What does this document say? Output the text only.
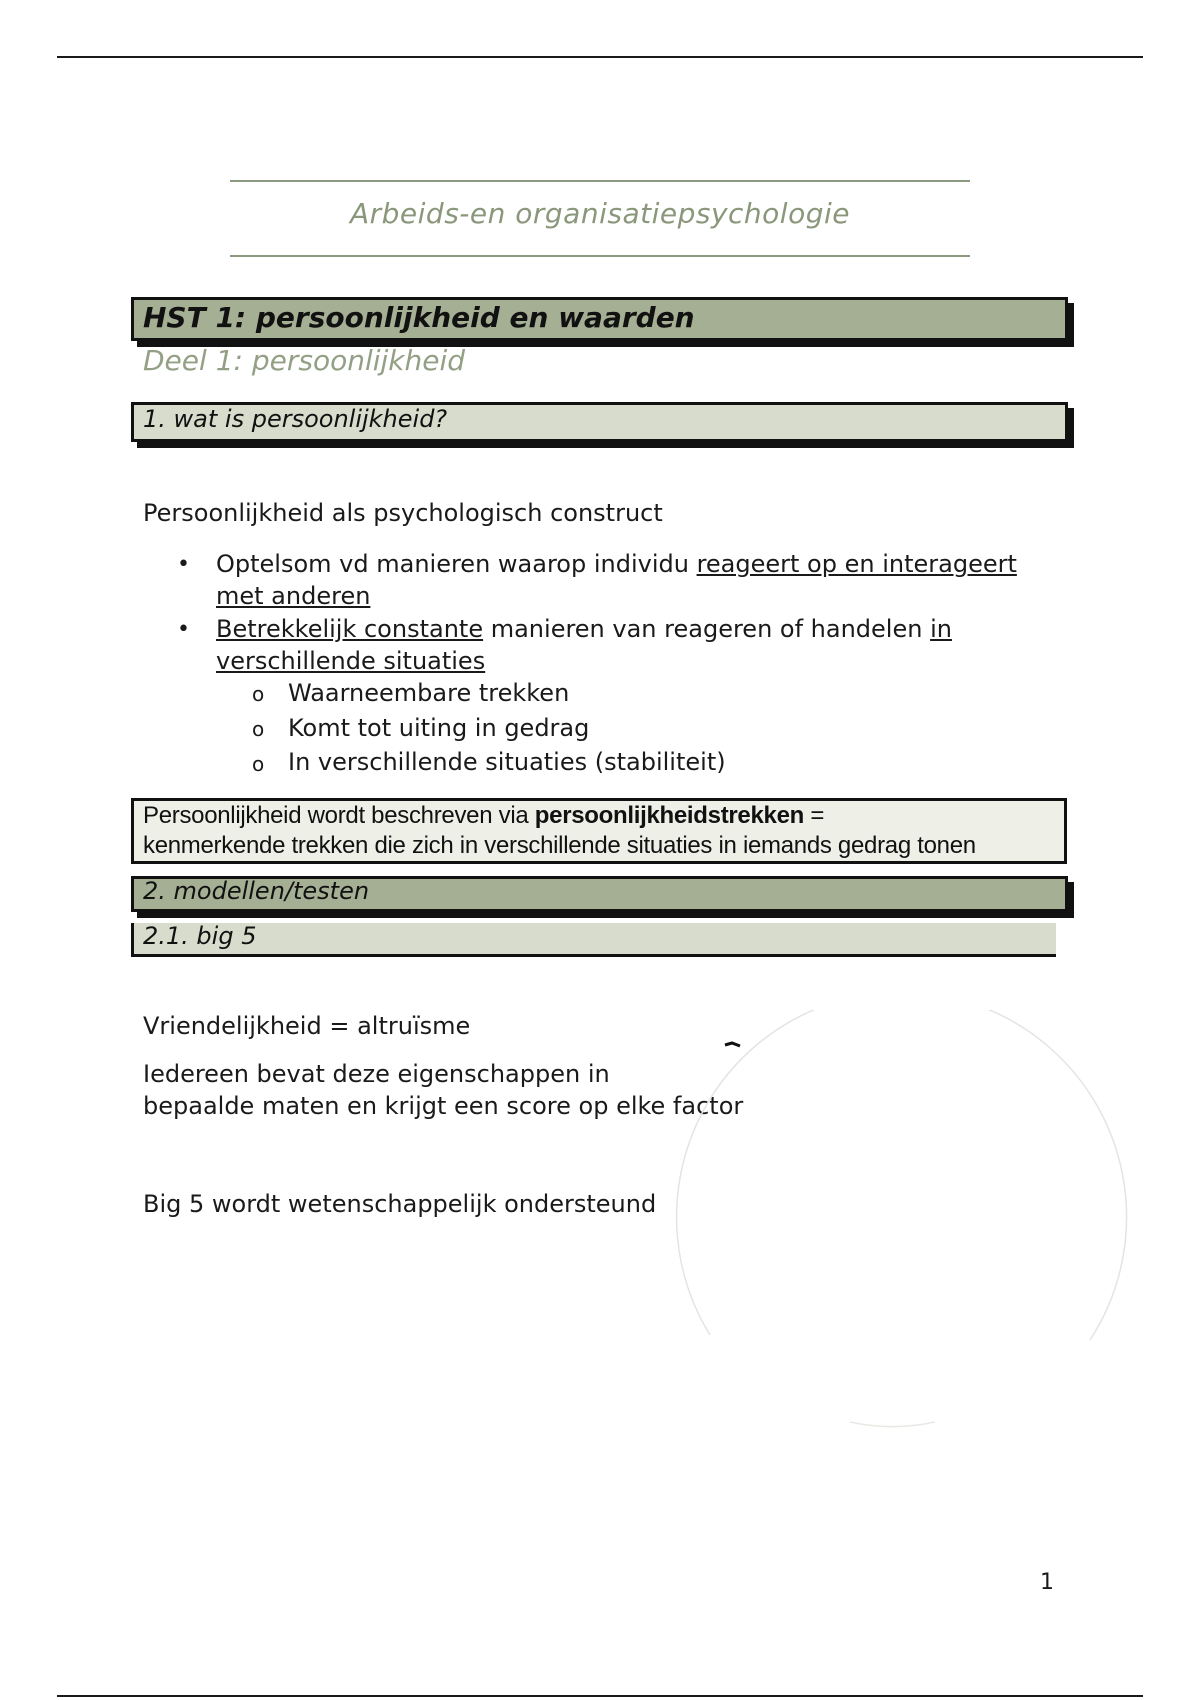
Arbeids-en organisatiepsychologie
HST 1: persoonlijkheid en waarden
Deel 1: persoonlijkheid
1. wat is persoonlijkheid?
Persoonlijkheid als psychologisch construct
• Optelsom vd manieren waarop individu reageert op en interageert
met anderen
• Betrekkelijk constante manieren van reageren of handelen in
verschillende situaties
o Waarneembare trekken
o Komt tot uiting in gedrag
o In verschillende situaties (stabiliteit)
Persoonlijkheid wordt beschreven via persoonlijkheidstrekken =
kenmerkende trekken die zich in verschillende situaties in iemands gedrag tonen
2. modellen/testen
2.1. big 5
Vriendelijkheid = altruïsme
Iedereen bevat deze eigenschappen in
bepaalde maten en krijgt een score op elke factor
Big 5 wordt wetenschappelijk ondersteund
1
